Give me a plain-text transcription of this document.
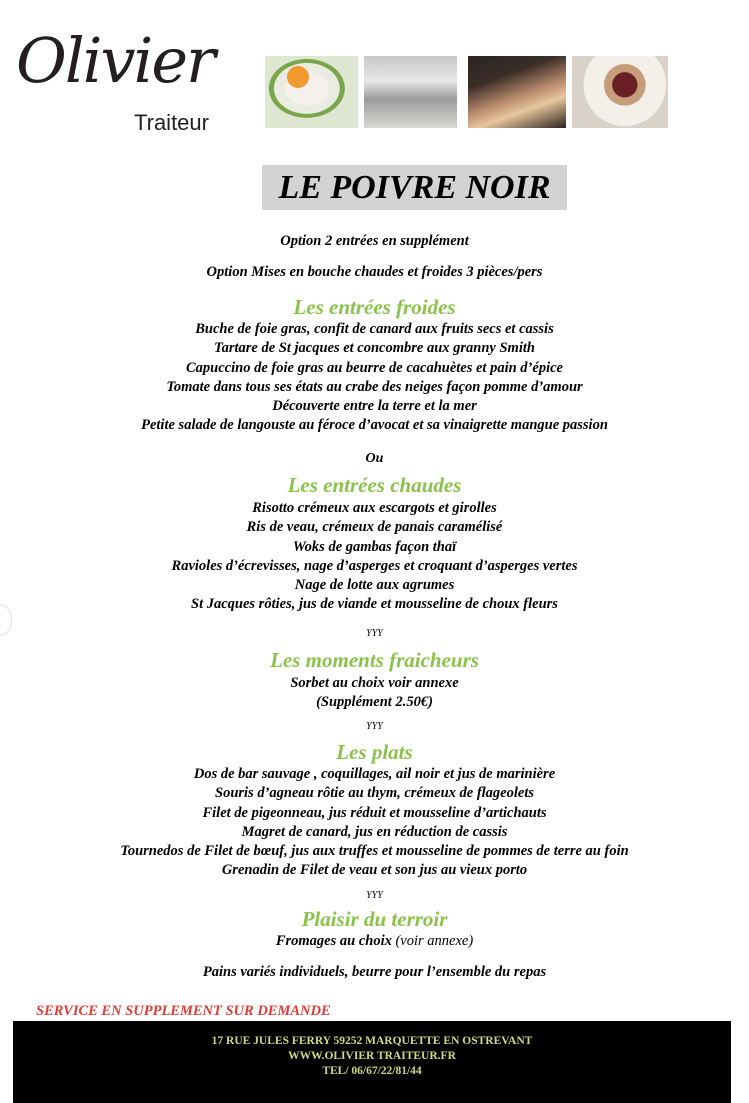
Olivier
Traiteur
LE POIVRE NOIR
Option 2 entrées en supplément
Option Mises en bouche chaudes et froides 3 pièces/pers
Les entrées froides
Buche de foie gras, confit de canard aux fruits secs et cassis
Tartare de St jacques et concombre aux granny Smith
Capuccino de foie gras au beurre de cacahuètes et pain d’épice
Tomate dans tous ses états au crabe des neiges façon pomme d’amour
Découverte entre la terre et la mer
Petite salade de langouste au féroce d’avocat et sa vinaigrette mangue passion
Ou
Les entrées chaudes
Risotto crémeux aux escargots et girolles
Ris de veau, crémeux de panais caramélisé
Woks de gambas façon thaï
Ravioles d’écrevisses, nage d’asperges et croquant d’asperges vertes
Nage de lotte aux agrumes
St Jacques rôties, jus de viande et mousseline de choux fleurs
YYY
Les moments fraicheurs
Sorbet au choix voir annexe
(Supplément 2.50€)
YYY
Les plats
Dos de bar sauvage , coquillages, ail noir et jus de marinière
Souris d’agneau rôtie au thym, crémeux de flageolets
Filet de pigeonneau, jus réduit et mousseline d’artichauts
Magret de canard, jus en réduction de cassis
Tournedos de Filet de bœuf, jus aux truffes et mousseline de pommes de terre au foin
Grenadin de Filet de veau et son jus au vieux porto
YYY
Plaisir du terroir
Fromages au choix (voir annexe)
Pains variés individuels, beurre pour l’ensemble du repas
SERVICE EN SUPPLEMENT SUR DEMANDE
17 RUE JULES FERRY 59252 MARQUETTE EN OSTREVANT
WWW.OLIVIER TRAITEUR.FR
TEL/ 06/67/22/81/44
